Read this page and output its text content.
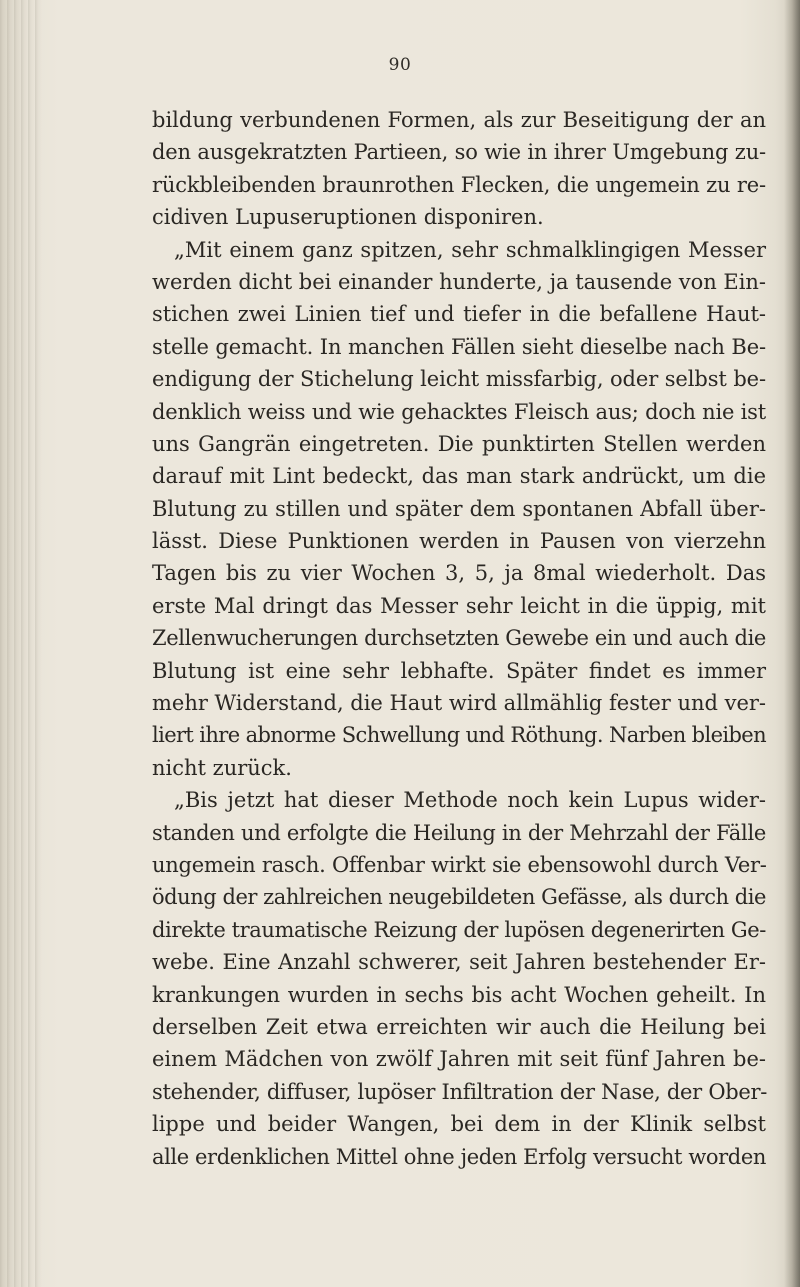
90
bildung verbundenen Formen, als zur Beseitigung der an
den ausgekratzten Partieen, so wie in ihrer Umgebung zu-
rückbleibenden braunrothen Flecken, die ungemein zu re-
cidiven Lupuseruptionen disponiren.
„Mit einem ganz spitzen, sehr schmalklingigen Messer
werden dicht bei einander hunderte, ja tausende von Ein-
stichen zwei Linien tief und tiefer in die befallene Haut-
stelle gemacht. In manchen Fällen sieht dieselbe nach Be-
endigung der Stichelung leicht missfarbig, oder selbst be-
denklich weiss und wie gehacktes Fleisch aus; doch nie ist
uns Gangrän eingetreten. Die punktirten Stellen werden
darauf mit Lint bedeckt, das man stark andrückt, um die
Blutung zu stillen und später dem spontanen Abfall über-
lässt. Diese Punktionen werden in Pausen von vierzehn
Tagen bis zu vier Wochen 3, 5, ja 8mal wiederholt. Das
erste Mal dringt das Messer sehr leicht in die üppig, mit
Zellenwucherungen durchsetzten Gewebe ein und auch die
Blutung ist eine sehr lebhafte. Später findet es immer
mehr Widerstand, die Haut wird allmählig fester und ver-
liert ihre abnorme Schwellung und Röthung. Narben bleiben
nicht zurück.
„Bis jetzt hat dieser Methode noch kein Lupus wider-
standen und erfolgte die Heilung in der Mehrzahl der Fälle
ungemein rasch. Offenbar wirkt sie ebensowohl durch Ver-
ödung der zahlreichen neugebildeten Gefässe, als durch die
direkte traumatische Reizung der lupösen degenerirten Ge-
webe. Eine Anzahl schwerer, seit Jahren bestehender Er-
krankungen wurden in sechs bis acht Wochen geheilt. In
derselben Zeit etwa erreichten wir auch die Heilung bei
einem Mädchen von zwölf Jahren mit seit fünf Jahren be-
stehender, diffuser, lupöser Infiltration der Nase, der Ober-
lippe und beider Wangen, bei dem in der Klinik selbst
alle erdenklichen Mittel ohne jeden Erfolg versucht worden
